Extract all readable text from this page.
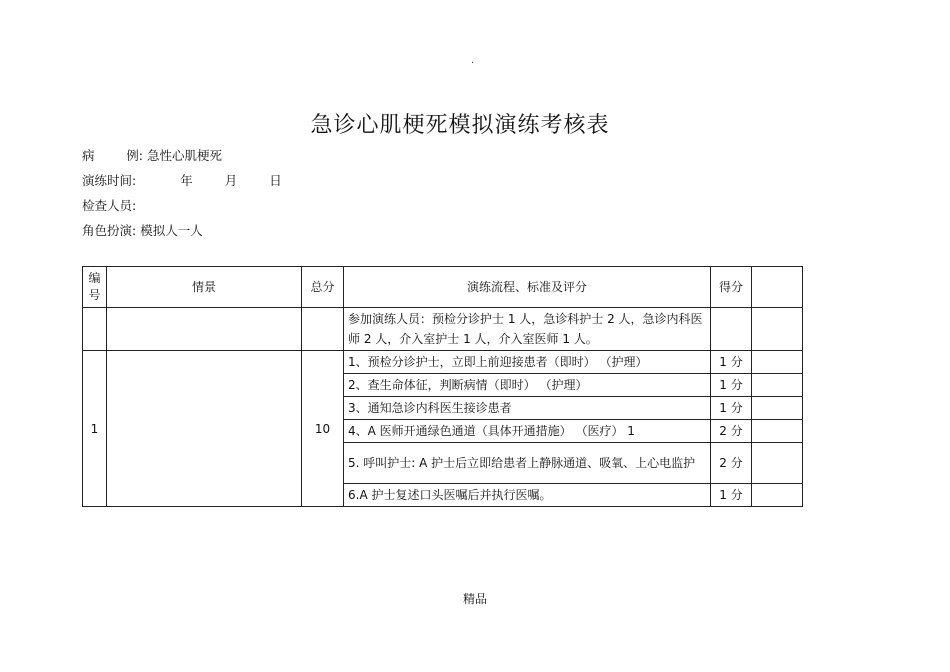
.
急诊心肌梗死模拟演练考核表
病        例: 急性心肌梗死
演练时间:	年	月	日
检查人员:
角色扮演: 模拟人一人
编号	情景	总分	演练流程、标准及评分	得分	
			参加演练人员：预检分诊护士 1 人，急诊科护士 2 人，急诊内科医师 2 人，介入室护士 1 人，介入室医师 1 人。		
1		10	1、预检分诊护士，立即上前迎接患者（即时） （护理）	1 分	
			2、查生命体征，判断病情（即时） （护理）	1 分	
			3、通知急诊内科医生接诊患者	1 分	
			4、A 医师开通绿色通道（具体开通措施） （医疗） 1	2 分	
			5. 呼叫护士: A 护士后立即给患者上静脉通道、吸氧、上心电监护	2 分	
			6.A 护士复述口头医嘱后并执行医嘱。	1 分	
精品
